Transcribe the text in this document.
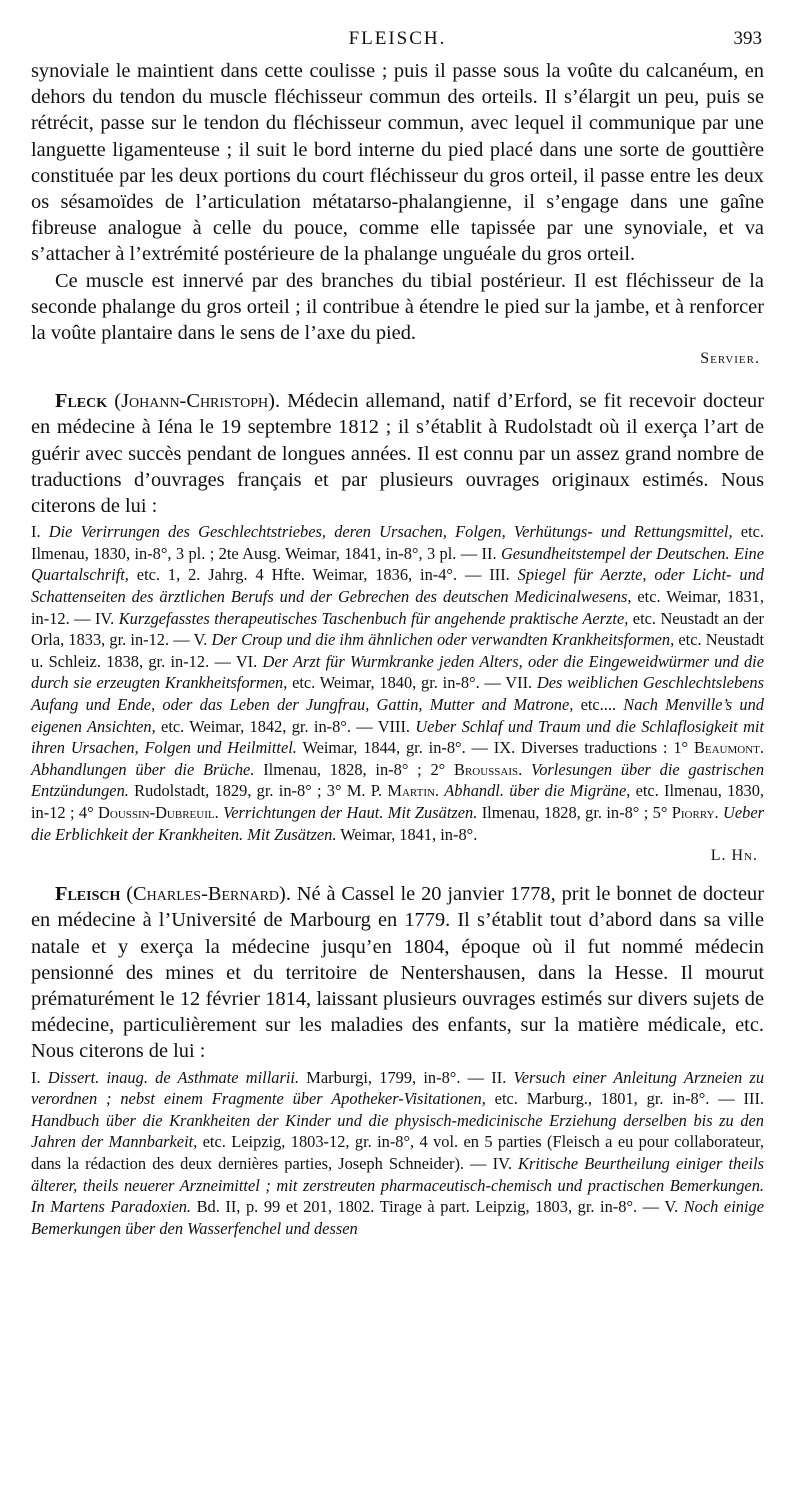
FLEISCH.	393

synoviale le maintient dans cette coulisse ; puis il passe sous la voûte du calcanéum, en dehors du tendon du muscle fléchisseur commun des orteils. Il s’élargit un peu, puis se rétrécit, passe sur le tendon du fléchisseur commun, avec lequel il communique par une languette ligamenteuse ; il suit le bord interne du pied placé dans une sorte de gouttière constituée par les deux portions du court fléchisseur du gros orteil, il passe entre les deux os sésamoïdes de l’articulation métatarso-phalangienne, il s’engage dans une gaîne fibreuse analogue à celle du pouce, comme elle tapissée par une synoviale, et va s’attacher à l’extrémité postérieure de la phalange unguéale du gros orteil.

Ce muscle est innervé par des branches du tibial postérieur. Il est fléchisseur de la seconde phalange du gros orteil ; il contribue à étendre le pied sur la jambe, et à renforcer la voûte plantaire dans le sens de l’axe du pied.

Servier.

Fleck (Johann-Christoph). Médecin allemand, natif d’Erford, se fit recevoir docteur en médecine à Iéna le 19 septembre 1812 ; il s’établit à Rudolstadt où il exerça l’art de guérir avec succès pendant de longues années. Il est connu par un assez grand nombre de traductions d’ouvrages français et par plusieurs ouvrages originaux estimés. Nous citerons de lui :

I. Die Verirrungen des Geschlechtstriebes, deren Ursachen, Folgen, Verhütungs- und Rettungsmittel, etc. Ilmenau, 1830, in-8°, 3 pl. ; 2te Ausg. Weimar, 1841, in-8°, 3 pl. — II. Gesundheitstempel der Deutschen. Eine Quartalschrift, etc. 1, 2. Jahrg. 4 Hfte. Weimar, 1836, in-4°. — III. Spiegel für Aerzte, oder Licht- und Schattenseiten des ärztlichen Berufs und der Gebrechen des deutschen Medicinalwesens, etc. Weimar, 1831, in-12. — IV. Kurzgefasstes therapeutisches Taschenbuch für angehende praktische Aerzte, etc. Neustadt an der Orla, 1833, gr. in-12. — V. Der Croup und die ihm ähnlichen oder verwandten Krankheitsformen, etc. Neustadt u. Schleiz. 1838, gr. in-12. — VI. Der Arzt für Wurmkranke jeden Alters, oder die Eingeweidwürmer und die durch sie erzeugten Krankheitsformen, etc. Weimar, 1840, gr. in-8°. — VII. Des weiblichen Geschlechtslebens Aufang und Ende, oder das Leben der Jungfrau, Gattin, Mutter and Matrone, etc.... Nach Menville’s und eigenen Ansichten, etc. Weimar, 1842, gr. in-8°. — VIII. Ueber Schlaf und Traum und die Schlaflosigkeit mit ihren Ursachen, Folgen und Heilmittel. Weimar, 1844, gr. in-8°. — IX. Diverses traductions : 1° Beaumont. Abhandlungen über die Brüche. Ilmenau, 1828, in-8° ; 2° Broussais. Vorlesungen über die gastrischen Entzündungen. Rudolstadt, 1829, gr. in-8° ; 3° M. P. Martin. Abhandl. über die Migräne, etc. Ilmenau, 1830, in-12 ; 4° Doussin-Dubreuil. Verrichtungen der Haut. Mit Zusätzen. Ilmenau, 1828, gr. in-8° ; 5° Piorry. Ueber die Erblichkeit der Krankheiten. Mit Zusätzen. Weimar, 1841, in-8°.

L. Hn.

Fleisch (Charles-Bernard). Né à Cassel le 20 janvier 1778, prit le bonnet de docteur en médecine à l’Université de Marbourg en 1779. Il s’établit tout d’abord dans sa ville natale et y exerça la médecine jusqu’en 1804, époque où il fut nommé médecin pensionné des mines et du territoire de Nentershausen, dans la Hesse. Il mourut prématurément le 12 février 1814, laissant plusieurs ouvrages estimés sur divers sujets de médecine, particulièrement sur les maladies des enfants, sur la matière médicale, etc. Nous citerons de lui :

I. Dissert. inaug. de Asthmate millarii. Marburgi, 1799, in-8°. — II. Versuch einer Anleitung Arzneien zu verordnen ; nebst einem Fragmente über Apotheker-Visitationen, etc. Marburg., 1801, gr. in-8°. — III. Handbuch über die Krankheiten der Kinder und die physisch-medicinische Erziehung derselben bis zu den Jahren der Mannbarkeit, etc. Leipzig, 1803-12, gr. in-8°, 4 vol. en 5 parties (Fleisch a eu pour collaborateur, dans la rédaction des deux dernières parties, Joseph Schneider). — IV. Kritische Beurtheilung einiger theils älterer, theils neuerer Arzneimittel ; mit zerstreuten pharmaceutisch-chemisch und practischen Bemerkungen. In Martens Paradoxien. Bd. II, p. 99 et 201, 1802. Tirage à part. Leipzig, 1803, gr. in-8°. — V. Noch einige Bemerkungen über den Wasserfenchel und dessen
